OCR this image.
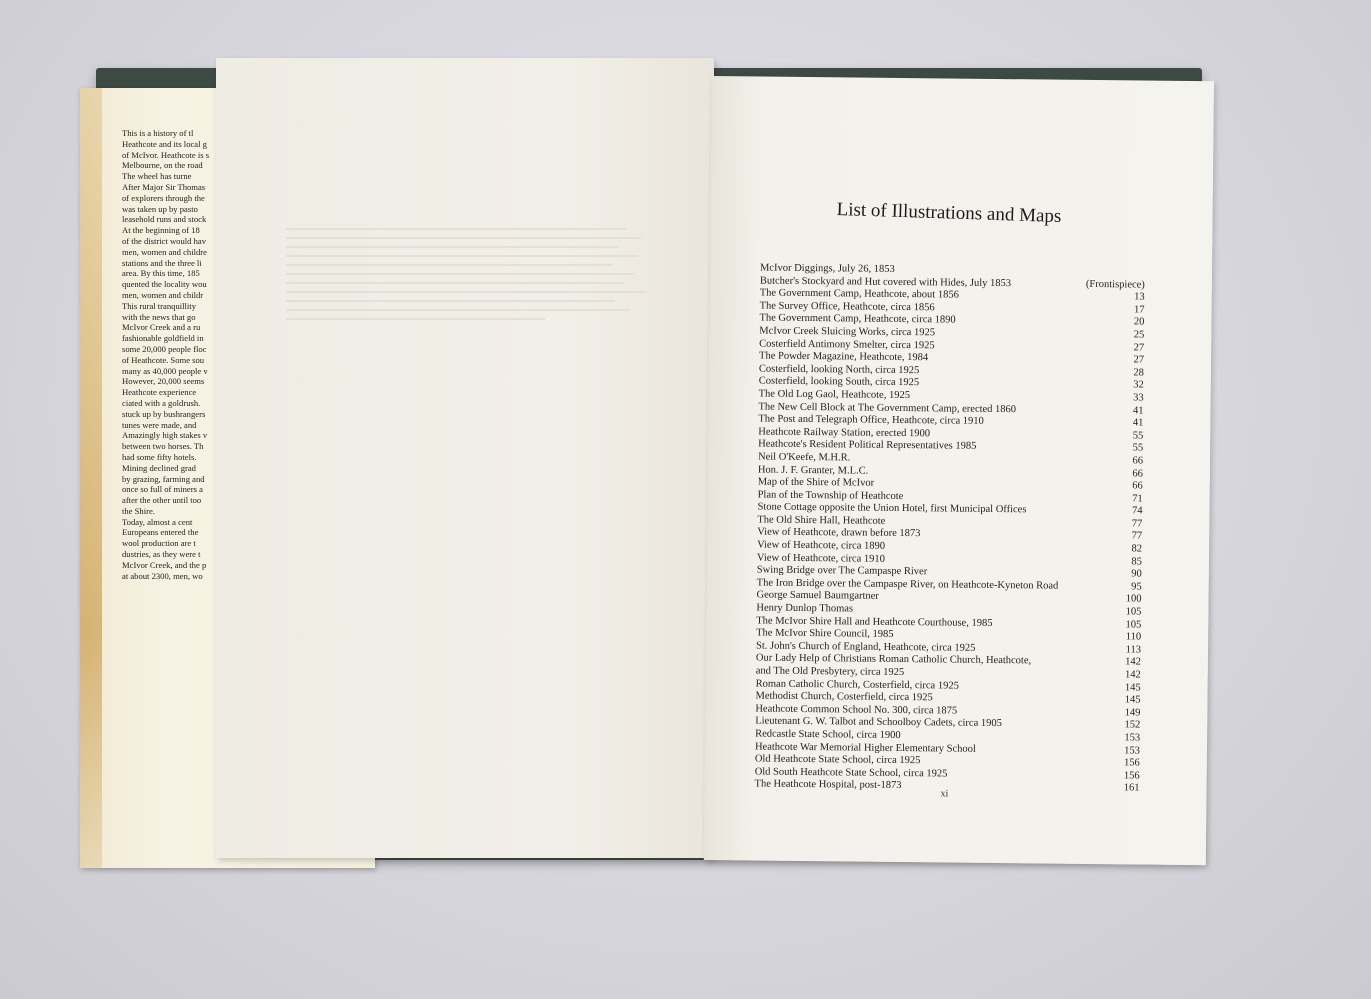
This is a history of tl

Heathcote and its local g

of McIvor. Heathcote is s

Melbourne, on the road

The wheel has turne

After Major Sir Thomas

of explorers through the

was taken up by pasto

leasehold runs and stock

At the beginning of 18

of the district would hav

men, women and childre

stations and the three li

area. By this time, 185

quented the locality wou

men, women and childr

This rural tranquillity

with the news that go

McIvor Creek and a ru

fashionable goldfield in

some 20,000 people floc

of Heathcote. Some sou

many as 40,000 people v

However, 20,000 seems

Heathcote experience

ciated with a goldrush.

stuck up by bushrangers

tunes were made, and

Amazingly high stakes v

between two horses. Th

had some fifty hotels.

Mining declined grad

by grazing, farming and

once so full of miners a

after the other until too

the Shire.

Today, almost a cent

Europeans entered the

wool production are t

dustries, as they were t

McIvor Creek, and the p

at about 2300, men, wo

List of Illustrations and Maps
McIvor Diggings, July 26, 1853
Butcher's Stockyard and Hut covered with Hides, July 1853	(Frontispiece)
The Government Camp, Heathcote, about 1856	13
The Survey Office, Heathcote, circa 1856	17
The Government Camp, Heathcote, circa 1890	20
McIvor Creek Sluicing Works, circa 1925	25
Costerfield Antimony Smelter, circa 1925	27
The Powder Magazine, Heathcote, 1984	27
Costerfield, looking North, circa 1925	28
Costerfield, looking South, circa 1925	32
The Old Log Gaol, Heathcote, 1925	33
The New Cell Block at The Government Camp, erected 1860	41
The Post and Telegraph Office, Heathcote, circa 1910	41
Heathcote Railway Station, erected 1900	55
Heathcote's Resident Political Representatives 1985	55
Neil O'Keefe, M.H.R.	66
Hon. J. F. Granter, M.L.C.	66
Map of the Shire of McIvor	66
Plan of the Township of Heathcote	71
Stone Cottage opposite the Union Hotel, first Municipal Offices	74
The Old Shire Hall, Heathcote	77
View of Heathcote, drawn before 1873	77
View of Heathcote, circa 1890	82
View of Heathcote, circa 1910	85
Swing Bridge over The Campaspe River	90
The Iron Bridge over the Campaspe River, on Heathcote-Kyneton Road	95
George Samuel Baumgartner	100
Henry Dunlop Thomas	105
The McIvor Shire Hall and Heathcote Courthouse, 1985	105
The McIvor Shire Council, 1985	110
St. John's Church of England, Heathcote, circa 1925	113
Our Lady Help of Christians Roman Catholic Church, Heathcote,	142
and The Old Presbytery, circa 1925	142
Roman Catholic Church, Costerfield, circa 1925	145
Methodist Church, Costerfield, circa 1925	145
Heathcote Common School No. 300, circa 1875	149
Lieutenant G. W. Talbot and Schoolboy Cadets, circa 1905	152
Redcastle State School, circa 1900	153
Heathcote War Memorial Higher Elementary School	153
Old Heathcote State School, circa 1925	156
Old South Heathcote State School, circa 1925	156
The Heathcote Hospital, post-1873	161
xi
